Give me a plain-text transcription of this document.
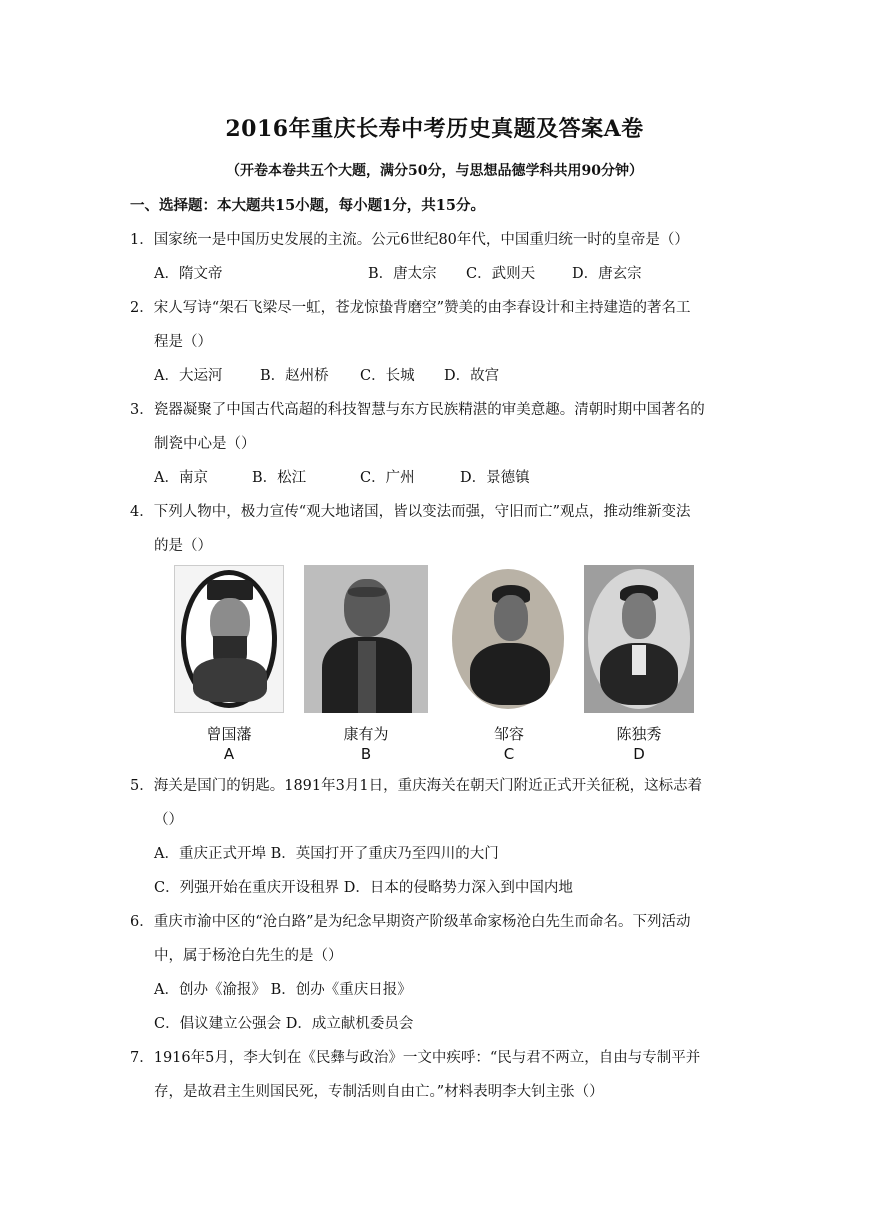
2016年重庆长寿中考历史真题及答案A卷
（开卷本卷共五个大题，满分50分，与思想品德学科共用90分钟）
一、选择题：本大题共15小题，每小题1分，共15分。
1．国家统一是中国历史发展的主流。公元6世纪80年代，中国重归统一时的皇帝是（）
A．隋文帝	B．唐太宗 C．武则天	D．唐玄宗
2．宋人写诗“架石飞梁尽一虹，苍龙惊蛰背磨空”赞美的由李春设计和主持建造的著名工
程是（）
A．大运河	B．赵州桥 C．长城 D．故宫
3．瓷器凝聚了中国古代高超的科技智慧与东方民族精湛的审美意趣。清朝时期中国著名的
制瓷中心是（）
A．南京	B．松江	C．广州	D．景德镇
4．下列人物中，极力宣传“观大地诸国，皆以变法而强，守旧而亡”观点，推动维新变法
的是（）
曾国藩
A
康有为
B
邹容
C
陈独秀
D
5．海关是国门的钥匙。1891年3月1日，重庆海关在朝天门附近正式开关征税，这标志着
（）
A．重庆正式开埠 B．英国打开了重庆乃至四川的大门
C．列强开始在重庆开设租界 D．日本的侵略势力深入到中国内地
6．重庆市渝中区的“沧白路”是为纪念早期资产阶级革命家杨沧白先生而命名。下列活动
中，属于杨沧白先生的是（）
A．创办《渝报》 B．创办《重庆日报》
C．倡议建立公强会 D．成立献机委员会
7．1916年5月，李大钊在《民彝与政治》一文中疾呼：“民与君不两立，自由与专制平并
存，是故君主生则国民死，专制活则自由亡。”材料表明李大钊主张（）
